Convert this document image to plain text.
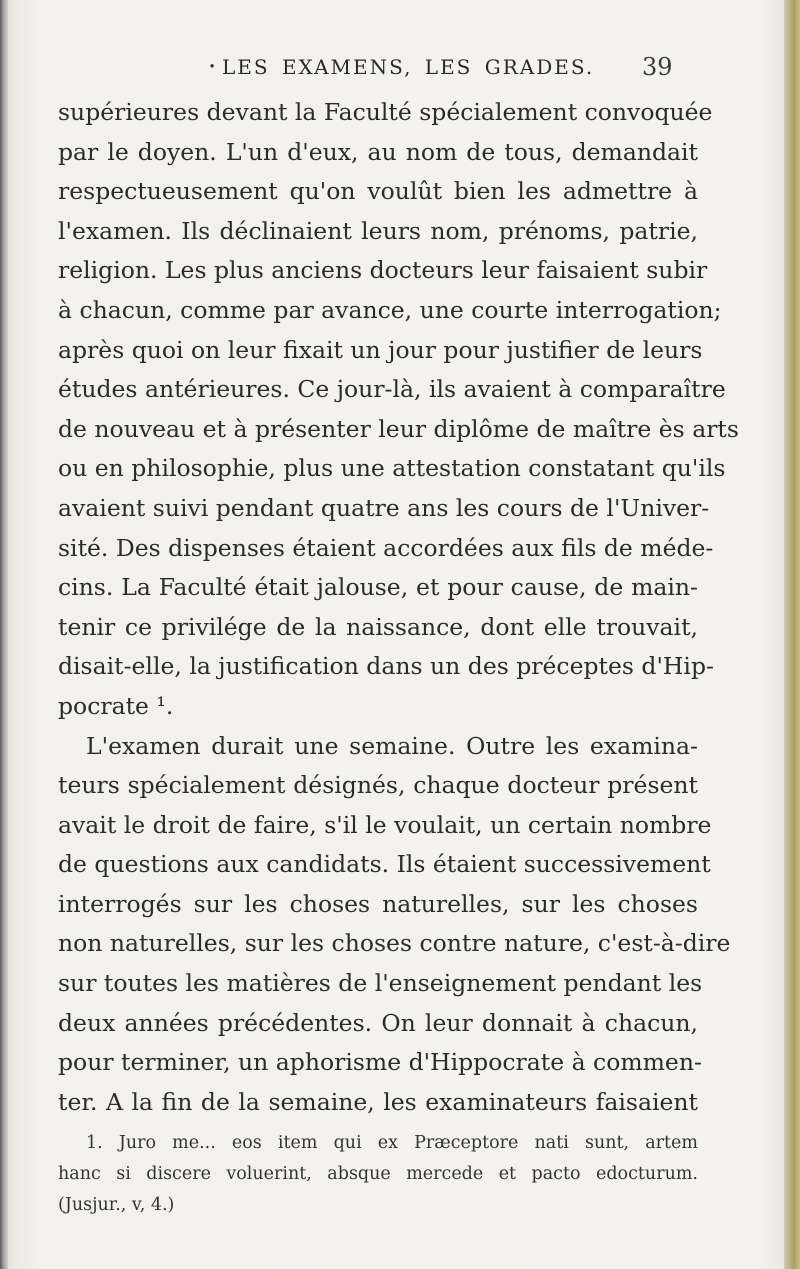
· LES EXAMENS, LES GRADES. 39
supérieures devant la Faculté spécialement convoquée
par le doyen. L'un d'eux, au nom de tous, demandait
respectueusement qu'on voulût bien les admettre à
l'examen. Ils déclinaient leurs nom, prénoms, patrie,
religion. Les plus anciens docteurs leur faisaient subir
à chacun, comme par avance, une courte interrogation;
après quoi on leur fixait un jour pour justifier de leurs
études antérieures. Ce jour-là, ils avaient à comparaître
de nouveau et à présenter leur diplôme de maître ès arts
ou en philosophie, plus une attestation constatant qu'ils
avaient suivi pendant quatre ans les cours de l'Univer-
sité. Des dispenses étaient accordées aux fils de méde-
cins. La Faculté était jalouse, et pour cause, de main-
tenir ce privilége de la naissance, dont elle trouvait,
disait-elle, la justification dans un des préceptes d'Hip-
pocrate ¹.
L'examen durait une semaine. Outre les examina-
teurs spécialement désignés, chaque docteur présent
avait le droit de faire, s'il le voulait, un certain nombre
de questions aux candidats. Ils étaient successivement
interrogés sur les choses naturelles, sur les choses
non naturelles, sur les choses contre nature, c'est-à-dire
sur toutes les matières de l'enseignement pendant les
deux années précédentes. On leur donnait à chacun,
pour terminer, un aphorisme d'Hippocrate à commen-
ter. A la fin de la semaine, les examinateurs faisaient
1. Juro me... eos item qui ex Præceptore nati sunt, artem
hanc si discere voluerint, absque mercede et pacto edocturum.
(Jusjur., v, 4.)
